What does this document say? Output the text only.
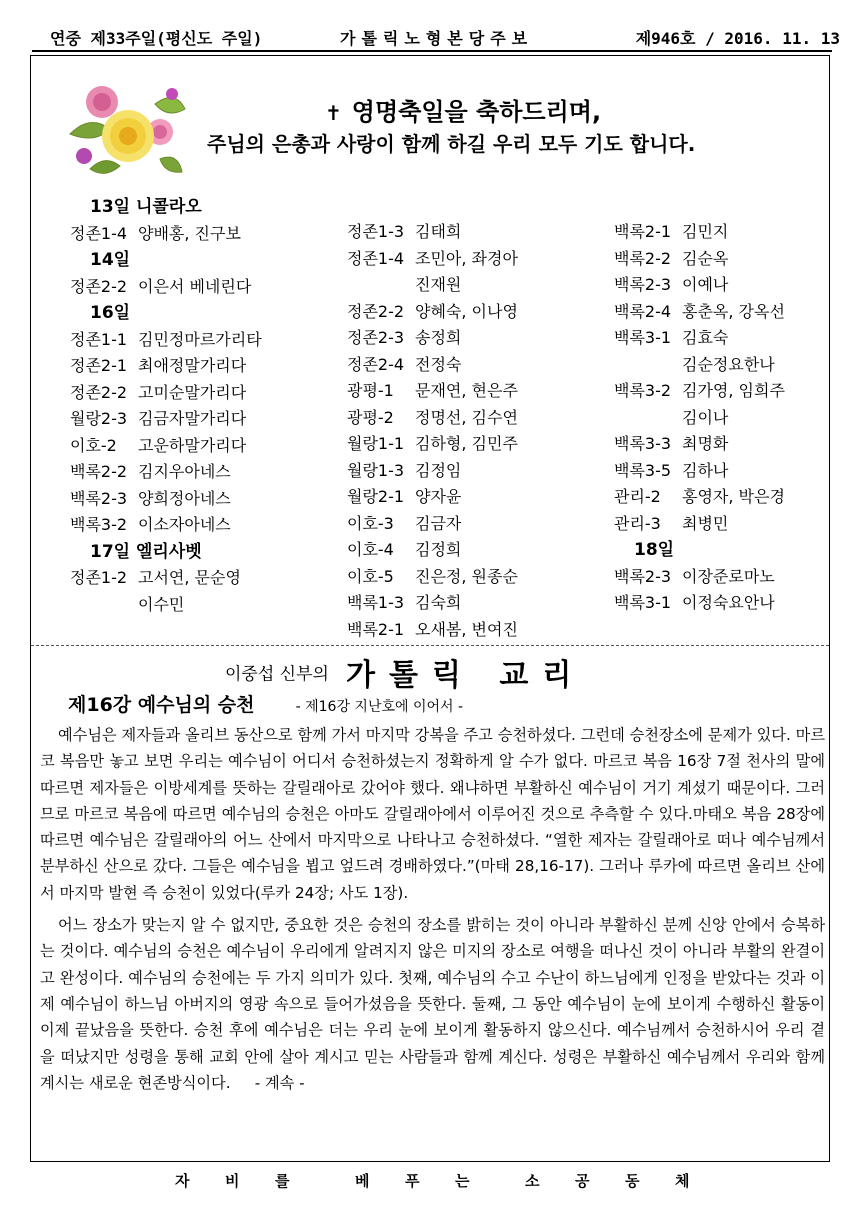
연중 제33주일(평신도 주일)	가톨릭노형본당주보	제946호 / 2016. 11. 13
✝ 영명축일을 축하드리며,
주님의 은총과 사랑이 함께 하길 우리 모두 기도 합니다.
13일 니콜라오
정존1-4 양배홍, 진구보
14일
정존2-2 이은서 베네린다
16일
정존1-1 김민정마르가리타
정존2-1 최애정말가리다
정존2-2 고미순말가리다
월랑2-3 김금자말가리다
이호-2 고운하말가리다
백록2-2 김지우아네스
백록2-3 양희정아네스
백록3-2 이소자아네스
17일 엘리사벳
정존1-2 고서연, 문순영
이수민
정존1-3 김태희
정존1-4 조민아, 좌경아
진재원
정존2-2 양혜숙, 이나영
정존2-3 송정희
정존2-4 전정숙
광평-1 문재연, 현은주
광평-2 정명선, 김수연
월랑1-1 김하형, 김민주
월랑1-3 김정임
월랑2-1 양자윤
이호-3 김금자
이호-4 김정희
이호-5 진은정, 원종순
백록1-3 김숙희
백록2-1 오새봄, 변여진
백록2-1 김민지
백록2-2 김순옥
백록2-3 이예나
백록2-4 홍춘옥, 강옥선
백록3-1 김효숙
김순정요한나
백록3-2 김가영, 임희주
김이나
백록3-3 최명화
백록3-5 김하나
관리-2 홍영자, 박은경
관리-3 최병민
18일
백록2-3 이장준로마노
백록3-1 이정숙요안나
이중섭 신부의 가톨릭 교리
제16강 예수님의 승천	- 제16강 지난호에 이어서 -

예수님은 제자들과 올리브 동산으로 함께 가서 마지막 강복을 주고 승천하셨다. 그런데 승천장소에 문제가 있다. 마르코 복음만 놓고 보면 우리는 예수님이 어디서 승천하셨는지 정확하게 알 수가 없다. 마르코 복음 16장 7절 천사의 말에 따르면 제자들은 이방세계를 뜻하는 갈릴래아로 갔어야 했다. 왜냐하면 부활하신 예수님이 거기 계셨기 때문이다. 그러므로 마르코 복음에 따르면 예수님의 승천은 아마도 갈릴래아에서 이루어진 것으로 추측할 수 있다.마태오 복음 28장에 따르면 예수님은 갈릴래아의 어느 산에서 마지막으로 나타나고 승천하셨다. “열한 제자는 갈릴래아로 떠나 예수님께서 분부하신 산으로 갔다. 그들은 예수님을 뵙고 엎드려 경배하였다.”(마태 28,16-17). 그러나 루카에 따르면 올리브 산에서 마지막 발현 즉 승천이 있었다(루카 24장; 사도 1장).

어느 장소가 맞는지 알 수 없지만, 중요한 것은 승천의 장소를 밝히는 것이 아니라 부활하신 분께 신앙 안에서 승복하는 것이다. 예수님의 승천은 예수님이 우리에게 알려지지 않은 미지의 장소로 여행을 떠나신 것이 아니라 부활의 완결이고 완성이다. 예수님의 승천에는 두 가지 의미가 있다. 첫째, 예수님의 수고 수난이 하느님에게 인정을 받았다는 것과 이제 예수님이 하느님 아버지의 영광 속으로 들어가셨음을 뜻한다. 둘째, 그 동안 예수님이 눈에 보이게 수행하신 활동이 이제 끝났음을 뜻한다. 승천 후에 예수님은 더는 우리 눈에 보이게 활동하지 않으신다. 예수님께서 승천하시어 우리 곁을 떠났지만 성령을 통해 교회 안에 살아 계시고 믿는 사람들과 함께 계신다. 성령은 부활하신 예수님께서 우리와 함께 계시는 새로운 현존방식이다. - 계속 -

자 비 를	베 푸 는	소 공 동 체
